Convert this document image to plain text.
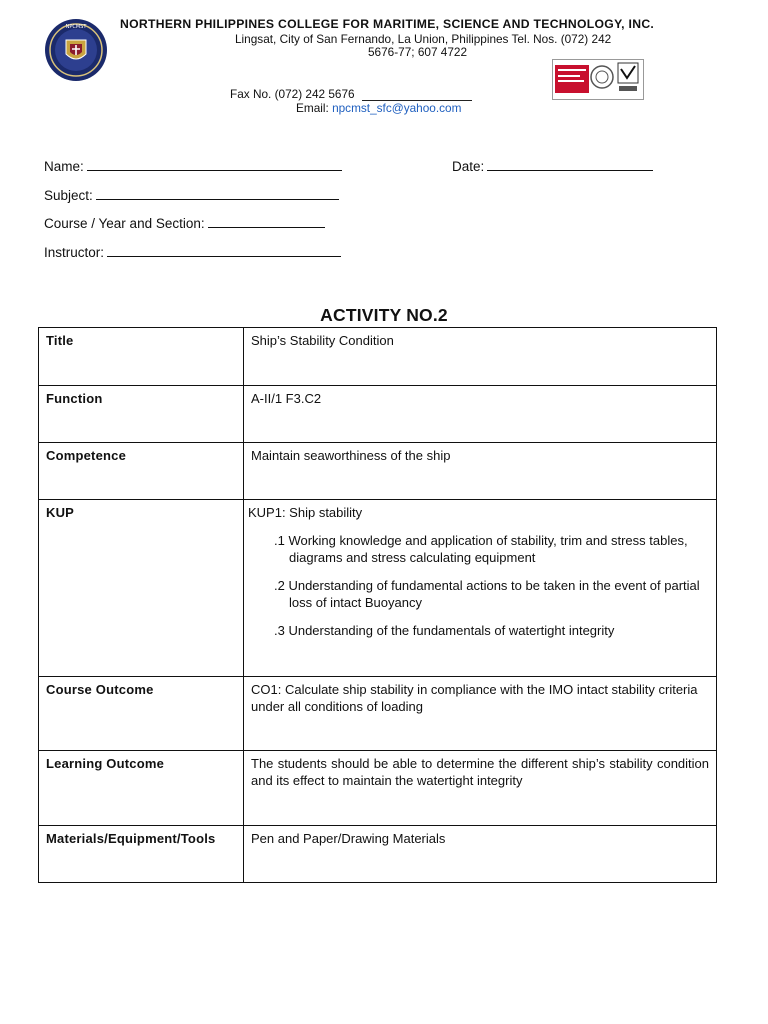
NPCMST	NORTHERN PHILIPPINES COLLEGE FOR MARITIME, SCIENCE AND TECHNOLOGY, INC.
Lingsat, City of San Fernando, La Union, Philippines Tel. Nos. (072) 242
5676-77; 607 4722
Fax No. (072) 242 5676
Email: npcmst_sfc@yahoo.com
Name:	Date:
Subject:
Course / Year and Section:
Instructor:
ACTIVITY NO.2
Title	Ship’s Stability Condition
Function	A-II/1 F3.C2
Competence	Maintain seaworthiness of the ship
KUP	KUP1: Ship stability
.1 Working knowledge and application of stability, trim and stress tables, diagrams and stress calculating equipment
.2 Understanding of fundamental actions to be taken in the event of partial loss of intact Buoyancy
.3 Understanding of the fundamentals of watertight integrity

Course Outcome	CO1: Calculate ship stability in compliance with the IMO intact stability criteria under all conditions of loading
Learning Outcome	The students should be able to determine the different ship’s stability condition and its effect to maintain the watertight integrity
Materials/Equipment/Tools	Pen and Paper/Drawing Materials
